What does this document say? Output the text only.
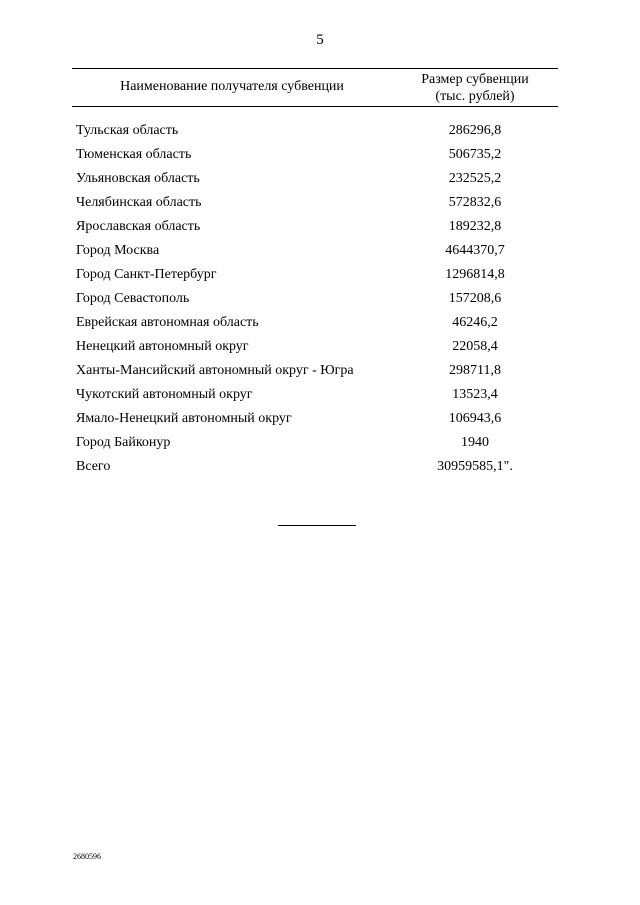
5
Наименование получателя субвенции	Размер субвенции
(тыс. рублей)
Тульская область	286296,8
Тюменская область	506735,2
Ульяновская область	232525,2
Челябинская область	572832,6
Ярославская область	189232,8
Город Москва	4644370,7
Город Санкт-Петербург	1296814,8
Город Севастополь	157208,6
Еврейская автономная область	46246,2
Ненецкий автономный округ	22058,4
Ханты-Мансийский автономный округ - Югра	298711,8
Чукотский автономный округ	13523,4
Ямало-Ненецкий автономный округ	106943,6
Город Байконур	1940
Всего	30959585,1".
2680596
